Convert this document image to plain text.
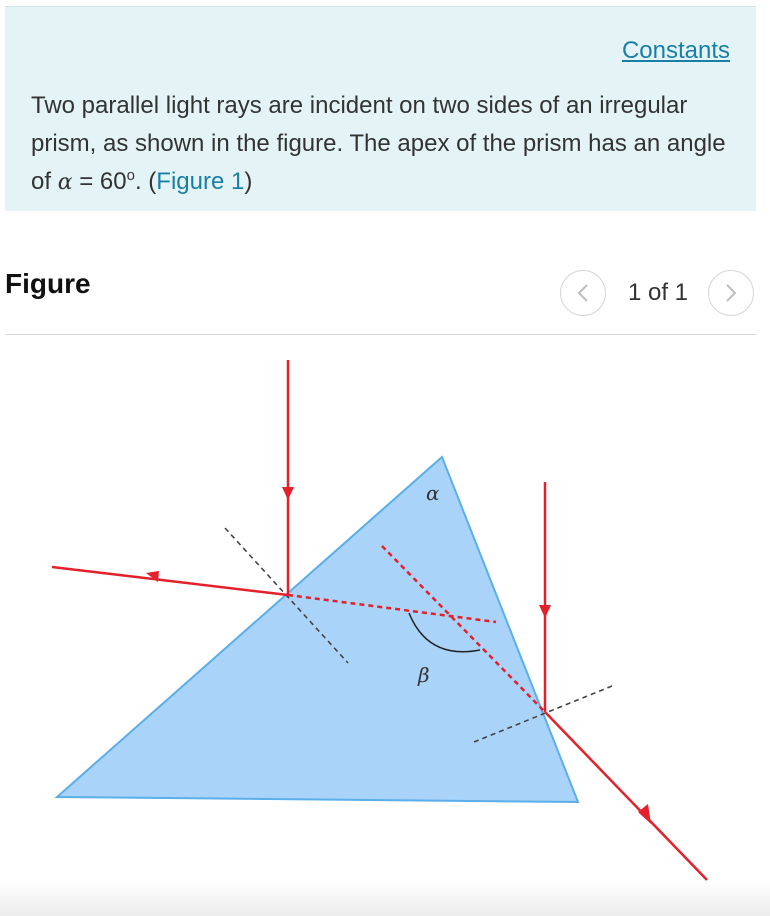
Constants
Two parallel light rays are incident on two sides of an irregular prism, as shown in the figure. The apex of the prism has an angle of $\alpha = 60^o$. (Figure 1)
Figure	1 of 1
α
β
